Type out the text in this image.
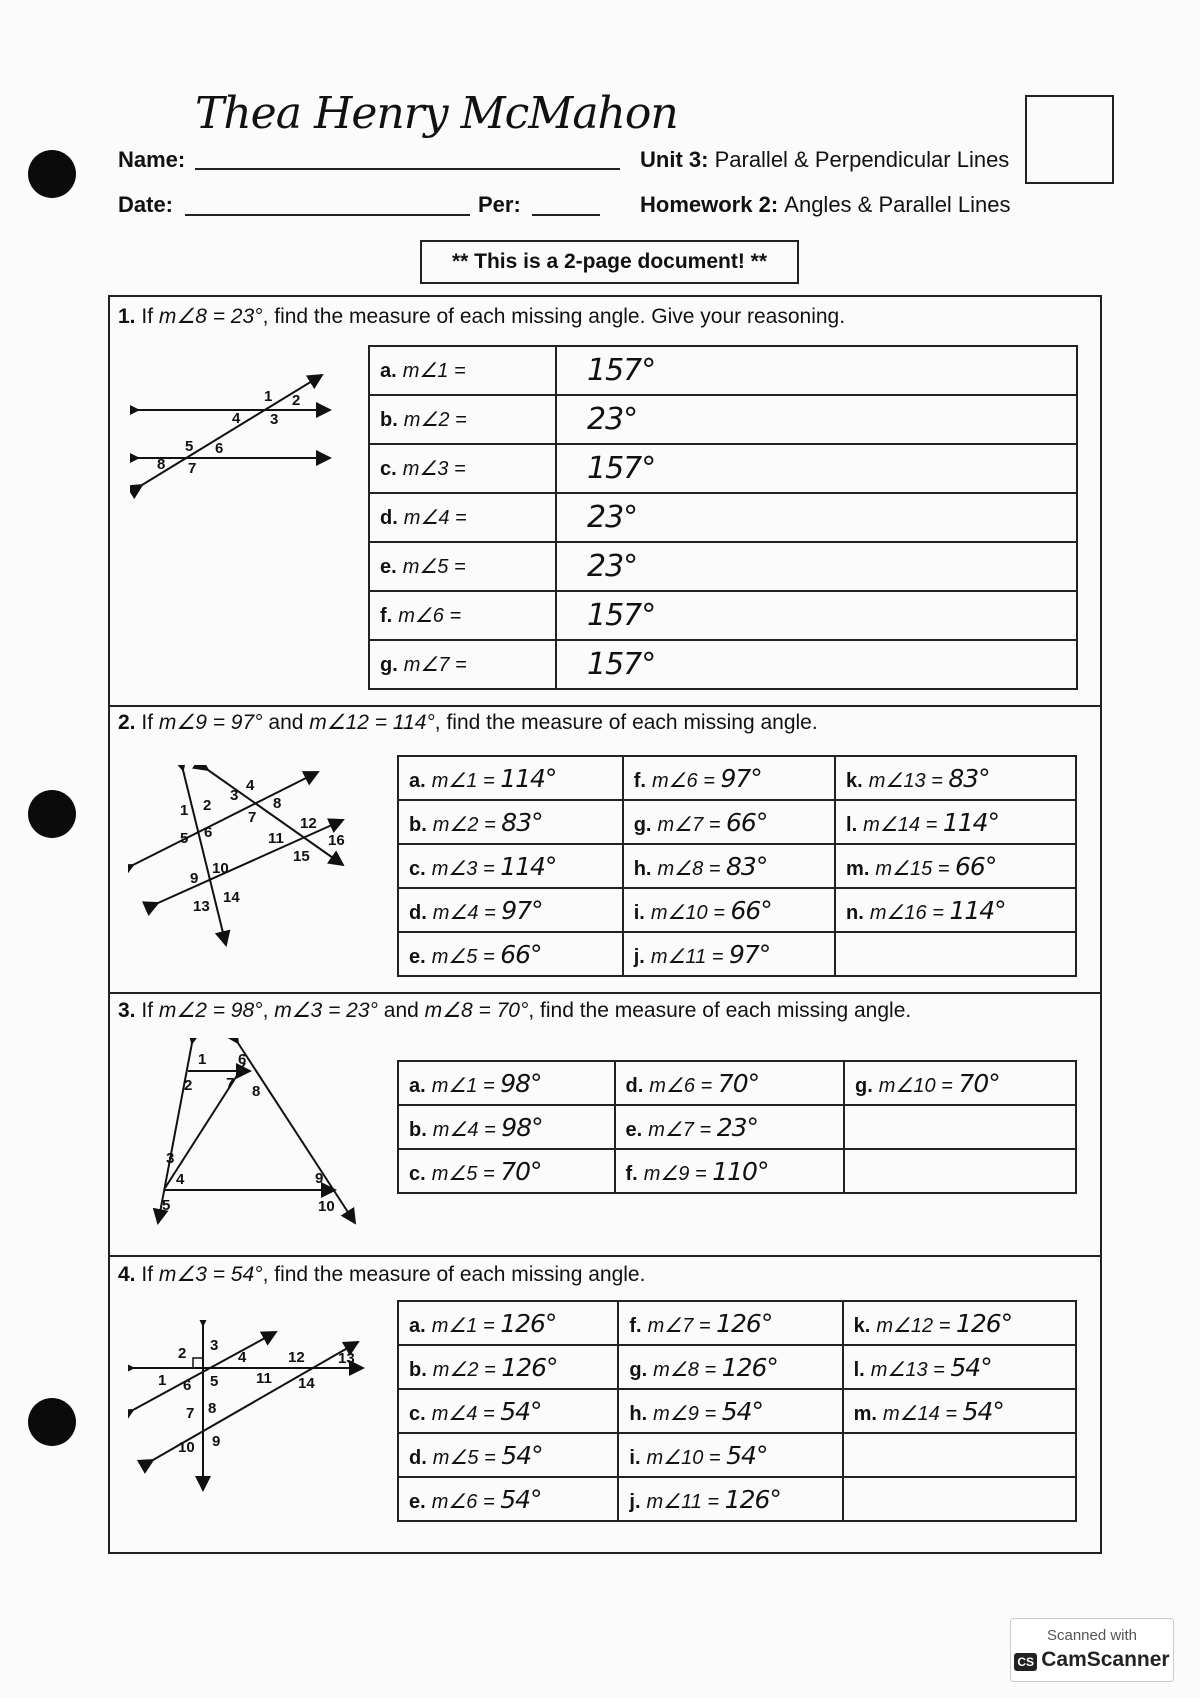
Name:
Thea Henry McMahon
Date:	Per:
Unit 3: Parallel & Perpendicular Lines
Homework 2: Angles & Parallel Lines
** This is a 2-page document! **
1. If m∠8 = 23°, find the measure of each missing angle. Give your reasoning.
1 2
3
4
5 6
7
8
a. m∠1 =	157°
b. m∠2 =	23°
c. m∠3 =	157°
d. m∠4 =	23°
e. m∠5 =	23°
f. m∠6 =	157°
g. m∠7 =	157°
2. If m∠9 = 97° and m∠12 = 114°, find the measure of each missing angle.
1 2
3
4
5 6
7
8
9
10
11
12
13
14
15
16
a. m∠1 = 114°	f. m∠6 = 97°	k. m∠13 = 83°
b. m∠2 = 83°	g. m∠7 = 66°	l. m∠14 = 114°
c. m∠3 = 114°	h. m∠8 = 83°	m. m∠15 = 66°
d. m∠4 = 97°	i. m∠10 = 66°	n. m∠16 = 114°
e. m∠5 = 66°	j. m∠11 = 97°	
3. If m∠2 = 98°, m∠3 = 23° and m∠8 = 70°, find the measure of each missing angle.
1
2
3
4
5
6
7 8
9
10
a. m∠1 = 98°	d. m∠6 = 70°	g. m∠10 = 70°
b. m∠4 = 98°	e. m∠7 = 23°	
c. m∠5 = 70°	f. m∠9 = 110°	
4. If m∠3 = 54°, find the measure of each missing angle.
1
2 3
4
5
6
7 8
9
10
11
12 13
14
a. m∠1 = 126°	f. m∠7 = 126°	k. m∠12 = 126°
b. m∠2 = 126°	g. m∠8 = 126°	l. m∠13 = 54°
c. m∠4 = 54°	h. m∠9 = 54°	m. m∠14 = 54°
d. m∠5 = 54°	i. m∠10 = 54°	
e. m∠6 = 54°	j. m∠11 = 126°	
Scanned with
CS CamScanner
